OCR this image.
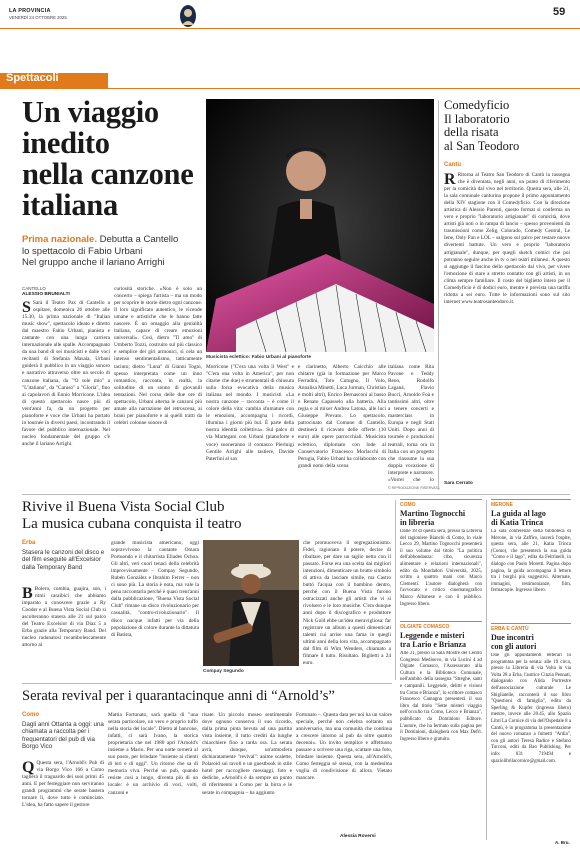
LA PROVINCIA
VENERDÌ 24 OTTOBRE 2025	59
Spettacoli
Un viaggio
inedito
nella canzone
italiana
Prima nazionale. Debutta a Cantello
lo spettacolo di Fabio Urbani
Nel gruppo anche il lariano Arrighi
CANTELLO
ALESSIO BRUNIALTI
S Sarà il Teatro Pax di Cantello a ospitare, domenica 26 ottobre alle 15.30, la prima nazionale di "Italian music show", spettacolo ideato e diretto dal maestro Fabio Urbani, pianista e cantante con una lunga carriera internazionale alle spalle. Accompagnato da una band di sei musicisti e dalle voci recitanti di Stefania Masala, Urbani guiderà il pubblico in un viaggio sonoro e narrativo attraverso oltre un secolo di canzone italiana, da "'O sole mio" a "L'italiano", da "Caruso" a "Gloria", fino ai capolavori di Ennio Morricone. L'idea di questo spettacolo nasce più di vent'anni fa, da un progetto per pianoforte e voce che Urbani ha portato in tournée in diversi paesi, incontrando il favore del pubblico internazionale. Nel nucleo fondamentale del gruppo c'è anche il lariano Arrighi.
curiosità storiche. «Non è solo un concerto – spiega l'artista – ma un modo per scoprire le storie dietro ogni canzone. Il loro significato autentico, le vicende umane e artistiche che le hanno fatte nascere. È un omaggio alla genialità italiana, capace di creare emozioni universali». Così, dietro "Ti amo" di Umberto Tozzi, costruito sul più classico e semplice dei giri armonici, si cela un intenso sentimentalismo, tatticamente taciuto; dietro "Luna" di Gianni Togni, spesso interpretata come un inno romantico, racconta, in realtà, la solitudine di un sonno di giovanili tentazioni. Nel corso delle due ore di spettacolo, Urbani alterna le canzoni più amate alla narrazione del retroscena, ai brani per pianoforte e ai quelli tratti da celebri colonne sonore di
Musicista eclettico: Fabio Urbani al pianoforte
Morricone ("C'era una volta il West" e "C'era una volta in America", per non citarne che due) e strumentali di chiusura sulla forza evocativa della musica italiana nel mondo. I musicisti «La nostra canzone – racconta – è come il colore della vita: cambia sfumature con le emozioni, accompagna i ricordi, illumina i giorni più bui. È parte della nostra identità collettiva». Sul palco di via Martegani con Urbani (pianoforte e voce) suoneranno il comasco Pierluigi Gentile Arrighi alle tastiere, Davide Paterlini al sax
e clarinetto, Alberto Caicchio alle chitarre (già in formazione per Marco Ferradini, Toto Cutugno, Il Volo, Annalisa Minetti, Luca Jurman, Christian e molti altri), Enrico Bernasconi al basso e Renato Capasselo alla batteria. Alla regia e al mixer Andrea Latona, alle luci Giuseppe Prevato. Lo spettacolo, patrocinato dal Comune di Cantello, destinerà il ricavato delle offerte (10 euro) alle opere parrocchiali. Musicista eclettico, diplomato con lode al Conservatorio Francesco Morlacchi di Perugia, Fabio Urbani ha collaborato con grandi nomi della scena
italiana come Rita Pavone e Teddy Reno, Rodolfo Laganà, Flavio Bucci, Arnoldo Foà e tantissimi altri, oltre a tenere concerti e masterclass in Europa e negli Stati Uniti. Dopo anni di tournée e produzioni teatrali, torna ora in Italia con un progetto che riassume la sua doppia vocazione di interprete e narratore. «Vorrei che lo
© RIPRODUZIONE RISERVATA
Comedyficio
Il laboratorio
della risata
al San Teodoro
Cantù
R Ritorna al Teatro San Teodoro di Cantù la rassegna che è diventata, negli anni, un punto di riferimento per la comicità dal vivo nel territorio. Questa sera, alle 21, la sala comunale canturina propone il primo appuntamento della XIV stagione con il Comedyficio. Con la direzione artistica di Alessio Parenti, questo format si conferma un vero e proprio "laboratorio artigianale" di comicità, dove artisti già noti o in rampa di lancio – spesso provenienti da trasmissioni come Zelig, Colorado, Comedy Central, Le Iene, Only Fun e LOL – salgono sul palco per testare nuove divertenti battute. Un vero e proprio "laboratorio artigianale", dunque, per quegli sketch comici che poi potranno seguire anche in tv o nei teatri milanesi. A questo si aggiunge il fascino dello spettacolo dal vivo, per vivere l'emozione di stare a stretto contatto con gli artisti, in un clima sempre familiare. Il costo del biglietto intero per il Comedyficio è di dodici euro, mentre è prevista una tariffa ridotta a sei euro. Tutte le informazioni sono sul sito internet www.teatrosanteodoro.it.
Sara Cerrato
Rivive il Buena Vista Social Club
La musica cubana conquista il teatro
Erba
Stasera le canzoni del disco e del film eseguite all'Excelsior dalla Temporary Band
B Bolero, cumbia, guajira, son, i ritmi caraibici che abbiamo imparato a conoscere grazie a Ry Cooder e al Buena Vista Social Club si ascolteranno stasera alle 21 sul palco del Teatro Excelsior di via Diaz 5 a Erba grazie alla Temporary Band. Del nucleo radunatosi rocambolescamente attorno al
grande musicista americano, oggi sopravvivono la cantante Omara Portuondo e il chitarrista Eliades Ochoa. Gli altri, veri cuori tenaci della celebrità improvvisamente – Compay Segundo, Rubén González e Ibrahim Ferrer – non ci sono più. La storia è nota, ma vale la pena raccontarla perché è quasi trent'anni dalla pubblicazione, "Buena Vista Social Club" rimane un disco rivoluzionario per casualità, "contro-rivoluzionario". Il disco nacque infatti per via della popolazione di colore durante la dittatura di Batista,
Compay Segundo
che promuoveva il segregazionismo. Fidel, ragionato il potere, decise di ribaltare, per dare un taglio netto con il passato. Forse era una scelta dai migliori intenzioni, dimenticare un brutto simbolo di attiva da lasciare simile, ma Castro buttò l'acqua con il bambino dentro, perché con il Buena Vista furono ostracizzati anche gli artisti che vi si rivolsero e le loro musiche. C'era dunque anni dopo il discografico e produttore Nick Gold ebbe un'idea meravigliosa: far registrare un album a questi dimenticati talenti cui arrise una fama in quegli ultimi anni della loro vita, accompagnato dal film di Wim Wenders, chiamato a filmare il tutto. Risultato. Biglietti a 24 euro.
COMO
Martino Tognocchi
in libreria
Dalle 18 di questa sera, presso la Libreria del ragioniere Bianchi di Como, in viale Lecco 29, Martino Tognocchi presenterà il suo volume dal titolo "La politica dell'abbondanza: cibo, sicurezza alimentare e relazioni internazionali", edito da Mondadori Università, 2025, scritto a quattro mani con Marco Clementi. L'autore dialogherà con l'avvocato e critico cinematografico Marco Albanese e con il pubblico. Ingresso libero.
OLGIATE COMASCO
Leggende e misteri
tra Lario e Brianza
Alle 21, presso la Sala Mostre del Centro Congressi Medioevo, in via Lucini 4 ad Olgiate Comasco, l'Assessorato alla Cultura e la Biblioteca Comunale, nell'ambito della rassegna "Streghe, santi e campanili. Leggende, delitti e visioni tra Como e Brianza", lo scrittore comasco Francesco Camagna presenterà il suo libro dal titolo "Sette misteri viaggio nell'occulto tra Como, Lecco e Brianza", pubblicato da Dominioni Editore. L'autore, che ha fermato sulla pagina per il Dominioni, dialogherà con Max Defrì. Ingresso libero e gratuito.
MERONE
La guida al lago
di Katia Trinca
La sala conferenze della biblioteca di Merone, in via Zaffiro, lascerà l'ospite, questa sera, alle 21, Katia Trinca (Como), che presenterà la sua guida "Como e il lago", edita da Feltrinelli, in dialogo con Paolo Moretti. Pagina dopo pagina, la guida accompagna il lettore tra i borghi più suggestivi. Alternate, immagini, testimonianze, film, fermacopie. Ingresso libero.
ERBA E CANTÙ
Due incontri
con gli autori
Due gli appuntamenti letterari in programma per la serata: alle 19 circa, presso la Libreria di via Volta in via Volta 28 a Erba, l'autrice Cinzia Pennati, dialogando con Alida Portrestre dell'associazione culturale Le Sbigliatelle, racconterà il suo libro "Questioni di famiglia", edito da Sperling & Kupfer (ingresso libero) mentre, invece alle 20.45, allo Spazio Libri La Cornice di via dell'Ospedale 8 a Cantù, è in programma la presentazione del nuovo romanzo a fumetti "Ardia", con gli autori Teresa Radice e Stefano Turconi, editi da Bao Publishing. Per info: 031 719494 e spaziolibrilacornice@gmail.com.
A. Bru.
Serata revival per i quarantacinque anni di “Arnold’s”
Como
Dagli anni Ottanta a oggi: una chiamata a raccolta per i frequentatori del pub di via Borgo Vico
Q Questa sera, l'Arnold's Pub di via Borgo Vico 166 a Como taglierà il traguardo dei suoi primi 45 anni. E per festeggiare non serviranno grandi programmi che serate bastera tornare lì, dove tutto è cominciato. L'idea, ha fatto sapere il gestore
Mattia Fortunato, sarà quella di "una serata particolare, un vero e proprio tuffo nella storia del locale". Dietro al bancone, infatti, ci sarà Ivano, la storica proprietaria che nel 1980 aprì l'Arnold's insieme a Mario. Per una notte tornerà al suo posto, per brindare "insieme ai clienti di ieri e di oggi". Un ritorno che sa di memoria viva. Perché un pub, quando resiste così a lungo, diventa più di un locale: è un archivio di voci, volti, canzoni e
risate. Un piccolo museo sentimentale dove ognuno conserva il suo ricordo, dalla prima pinta bevuta ad una partita vista insieme, il tutto crediti da lunghe chiacchiere fino a tarda ora. La serata avrà, dunque, un'atmosfera dichiaratamente "revival": anime scalette, Polaroid sui tavoli e un guestbook in stile hotel per raccogliere messaggi, foto e dediche, «Arnold's è da sempre un punto di riferimento a Como per la birra e le serate in compagnia – ha aggiunto
Fortunato –. Questa data per noi ha un valore speciale, perché non celebra soltanto un anniversario, ma una comunità che continua a crescere intorno al pub da oltre quattro decenni». Un invito semplice e affettuoso passare a scrivere una riga, scattare una foto, brindare insieme. Questa sera, all'Arnold's, Como festeggia sé stessa, con la medesima voglia di condivisione di allora. Vietato mancare.
Alessia Roversi
